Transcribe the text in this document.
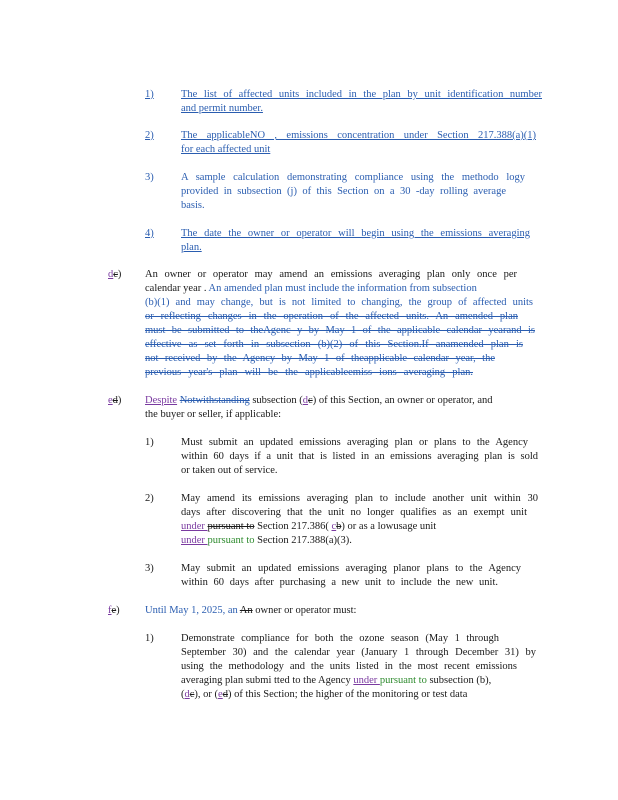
1)	The list of affected units included in the plan by unit identification number
and permit number.
2)	The applicableNO , emissions concentration under Section 217.388(a)(1)
for each affected unit
3)	A sample calculation demonstrating compliance using the methodo logy
provided in subsection (j) of this Section on a 30 -day rolling average
basis.
4)	The date the owner or operator will begin using the emissions averaging
plan.
dc) An owner or operator may amend an emissions averaging plan only once per
calendar year . An amended plan must include the information from subsection
(b)(1) and may change, but is not limited to changing, the group of affected units
or reflecting changes in the operation of the affected units. An amended plan
must be submitted to theAgenc y by May 1 of the applicable calendar yearand is
effective as set forth in subsection (b)(2) of this Section.If anamended plan is
not received by the Agency by May 1 of theapplicable calendar year, the
previous year's plan will be the applicableemiss ions averaging plan.
ed) Despite Notwithstanding subsection (dc) of this Section, an owner or operator, and
the buyer or seller, if applicable:
1)	Must submit an updated emissions averaging plan or plans to the Agency
within 60 days if a unit that is listed in an emissions averaging plan is sold
or taken out of service.
2)	May amend its emissions averaging plan to include another unit within 30
days after discovering that the unit no longer qualifies as an exempt unit
under pursuant to Section 217.386( cb) or as a lowusage unit
under pursuant to Section 217.388(a)(3).
3)	May submit an updated emissions averaging planor plans to the Agency
within 60 days after purchasing a new unit to include the new unit.
fe) Until May 1, 2025, an An owner or operator must:
1)	Demonstrate compliance for both the ozone season (May 1 through
September 30) and the calendar year (January 1 through December 31) by
using the methodology and the units listed in the most recent emissions
averaging plan submi tted to the Agency under pursuant to subsection (b),
(dc), or (ed) of this Section; the higher of the monitoring or test data
